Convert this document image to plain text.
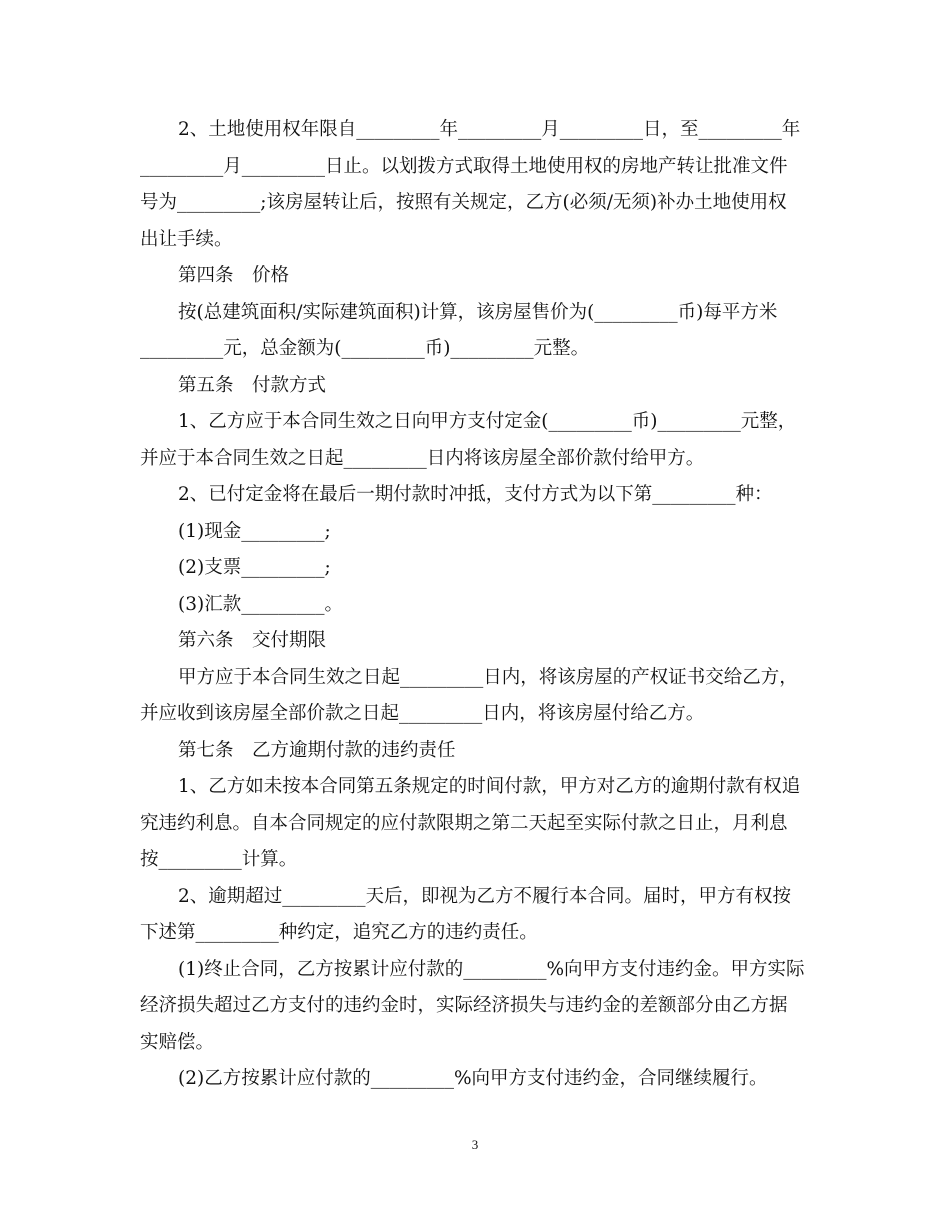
2、土地使用权年限自_________年_________月_________日，至_________年
_________月_________日止。以划拨方式取得土地使用权的房地产转让批准文件
号为_________;该房屋转让后，按照有关规定，乙方(必须/无须)补办土地使用权
出让手续。
第四条　价格
按(总建筑面积/实际建筑面积)计算，该房屋售价为(_________币)每平方米
_________元，总金额为(_________币)_________元整。
第五条　付款方式
1、乙方应于本合同生效之日向甲方支付定金(_________币)_________元整，
并应于本合同生效之日起_________日内将该房屋全部价款付给甲方。
2、已付定金将在最后一期付款时冲抵，支付方式为以下第_________种：
(1)现金_________;
(2)支票_________;
(3)汇款_________。
第六条　交付期限
甲方应于本合同生效之日起_________日内，将该房屋的产权证书交给乙方，
并应收到该房屋全部价款之日起_________日内，将该房屋付给乙方。
第七条　乙方逾期付款的违约责任
1、乙方如未按本合同第五条规定的时间付款，甲方对乙方的逾期付款有权追
究违约利息。自本合同规定的应付款限期之第二天起至实际付款之日止，月利息
按_________计算。
2、逾期超过_________天后，即视为乙方不履行本合同。届时，甲方有权按
下述第_________种约定，追究乙方的违约责任。
(1)终止合同，乙方按累计应付款的_________%向甲方支付违约金。甲方实际
经济损失超过乙方支付的违约金时，实际经济损失与违约金的差额部分由乙方据
实赔偿。
(2)乙方按累计应付款的_________%向甲方支付违约金，合同继续履行。
3
